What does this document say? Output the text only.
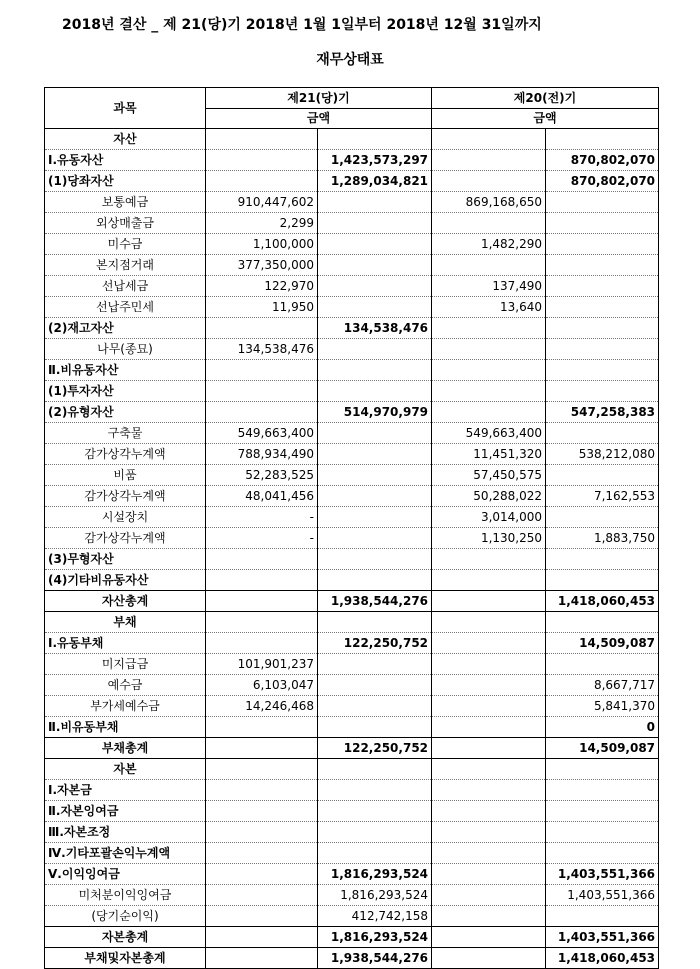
2018년 결산 _ 제 21(당)기 2018년 1월 1일부터 2018년 12월 31일까지
재무상태표
과목	제21(당)기		제20(전)기	
	금액		금액	
자산				
Ⅰ.유동자산		1,423,573,297		870,802,070
(1)당좌자산		1,289,034,821		870,802,070
보통예금	910,447,602		869,168,650	
외상매출금	2,299			
미수금	1,100,000		1,482,290	
본지점거래	377,350,000			
선납세금	122,970		137,490	
선납주민세	11,950		13,640	
(2)재고자산		134,538,476		
나무(종묘)	134,538,476			
Ⅱ.비유동자산				
(1)투자자산				
(2)유형자산		514,970,979		547,258,383
구축물	549,663,400		549,663,400	
감가상각누계액	788,934,490		11,451,320	538,212,080
비품	52,283,525		57,450,575	
감가상각누계액	48,041,456		50,288,022	7,162,553
시설장치	-		3,014,000	
감가상각누계액	-		1,130,250	1,883,750
(3)무형자산				
(4)기타비유동자산				
자산총계		1,938,544,276		1,418,060,453
부채				
Ⅰ.유동부채		122,250,752		14,509,087
미지급금	101,901,237			
예수금	6,103,047			8,667,717
부가세예수금	14,246,468			5,841,370
Ⅱ.비유동부채				0
부채총계		122,250,752		14,509,087
자본				
Ⅰ.자본금				
Ⅱ.자본잉여금				
Ⅲ.자본조정				
Ⅳ.기타포괄손익누계액				
Ⅴ.이익잉여금		1,816,293,524		1,403,551,366
미처분이익잉여금		1,816,293,524		1,403,551,366
(당기순이익)		412,742,158		
자본총계		1,816,293,524		1,403,551,366
부채및자본총계		1,938,544,276		1,418,060,453
